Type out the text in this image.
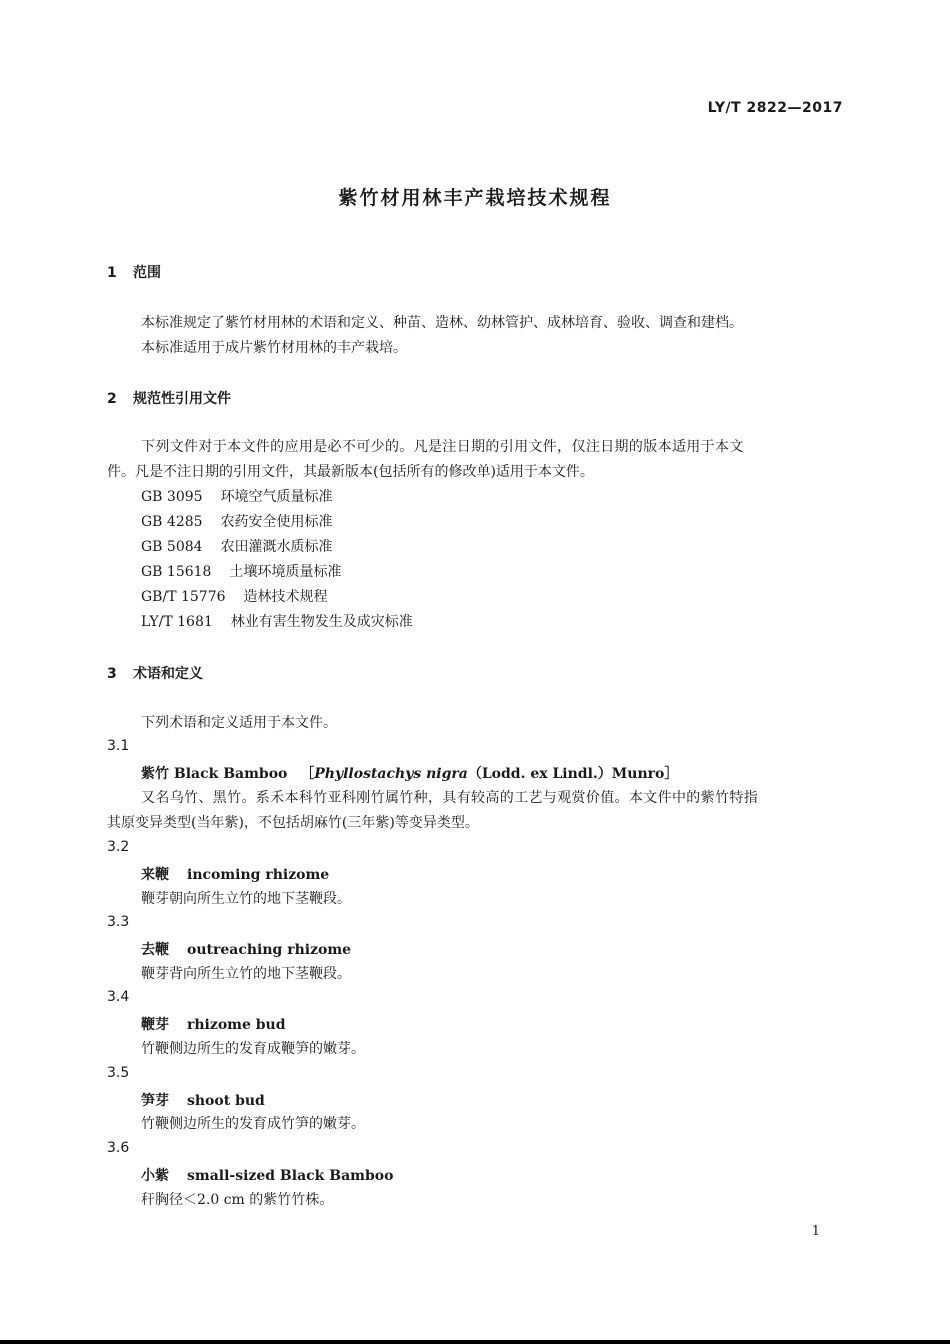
LY/T 2822—2017
紫竹材用林丰产栽培技术规程
1 范围
本标准规定了紫竹材用林的术语和定义、种苗、造林、幼林管护、成林培育、验收、调查和建档。
本标准适用于成片紫竹材用林的丰产栽培。
2 规范性引用文件
下列文件对于本文件的应用是必不可少的。凡是注日期的引用文件，仅注日期的版本适用于本文
件。凡是不注日期的引用文件，其最新版本(包括所有的修改单)适用于本文件。
GB 3095 环境空气质量标准
GB 4285 农药安全使用标准
GB 5084 农田灌溉水质标准
GB 15618 土壤环境质量标准
GB/T 15776 造林技术规程
LY/T 1681 林业有害生物发生及成灾标准
3 术语和定义
下列术语和定义适用于本文件。
3.1
紫竹 Black Bamboo ［Phyllostachys nigra（Lodd. ex Lindl.）Munro］
又名乌竹、黑竹。系禾本科竹亚科刚竹属竹种，具有较高的工艺与观赏价值。本文件中的紫竹特指
其原变异类型(当年紫)，不包括胡麻竹(三年紫)等变异类型。
3.2
来鞭 incoming rhizome
鞭芽朝向所生立竹的地下茎鞭段。
3.3
去鞭 outreaching rhizome
鞭芽背向所生立竹的地下茎鞭段。
3.4
鞭芽 rhizome bud
竹鞭侧边所生的发育成鞭笋的嫩芽。
3.5
笋芽 shoot bud
竹鞭侧边所生的发育成竹笋的嫩芽。
3.6
小紫 small-sized Black Bamboo
秆胸径＜2.0 cm 的紫竹竹株。
1
